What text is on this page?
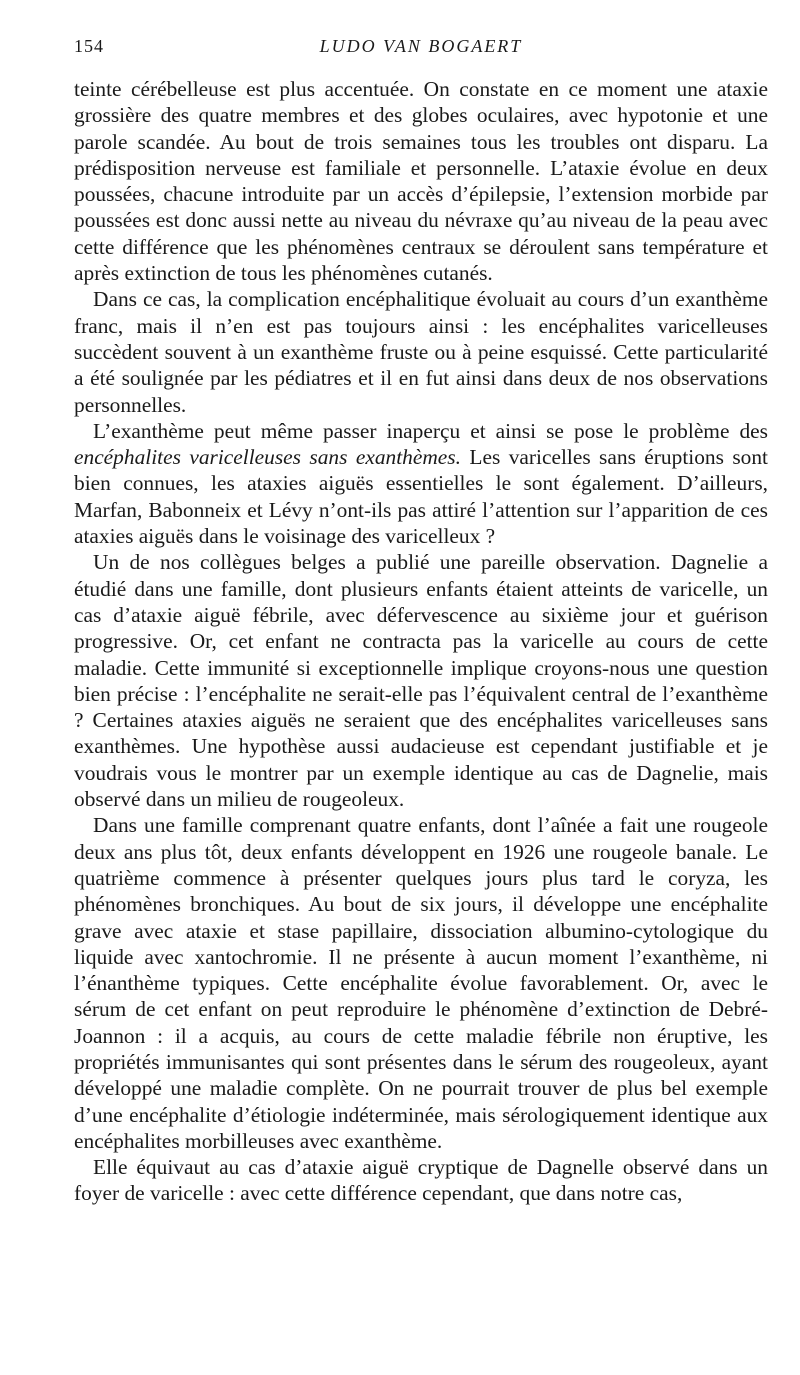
154	LUDO VAN BOGAERT

teinte cérébelleuse est plus accentuée. On constate en ce moment une ataxie grossière des quatre membres et des globes oculaires, avec hypotonie et une parole scandée. Au bout de trois semaines tous les troubles ont disparu. La prédisposition nerveuse est familiale et personnelle. L’ataxie évolue en deux poussées, chacune introduite par un accès d’épilepsie, l’extension morbide par poussées est donc aussi nette au niveau du névraxe qu’au niveau de la peau avec cette différence que les phénomènes centraux se déroulent sans température et après extinction de tous les phénomènes cutanés.

Dans ce cas, la complication encéphalitique évoluait au cours d’un exanthème franc, mais il n’en est pas toujours ainsi : les encéphalites varicelleuses succèdent souvent à un exanthème fruste ou à peine esquissé. Cette particularité a été soulignée par les pédiatres et il en fut ainsi dans deux de nos observations personnelles.

L’exanthème peut même passer inaperçu et ainsi se pose le problème des encéphalites varicelleuses sans exanthèmes. Les varicelles sans éruptions sont bien connues, les ataxies aiguës essentielles le sont également. D’ailleurs, Marfan, Babonneix et Lévy n’ont-ils pas attiré l’attention sur l’apparition de ces ataxies aiguës dans le voisinage des varicelleux ?

Un de nos collègues belges a publié une pareille observation. Dagnelie a étudié dans une famille, dont plusieurs enfants étaient atteints de varicelle, un cas d’ataxie aiguë fébrile, avec défervescence au sixième jour et guérison progressive. Or, cet enfant ne contracta pas la varicelle au cours de cette maladie. Cette immunité si exceptionnelle implique croyons-nous une question bien précise : l’encéphalite ne serait-elle pas l’équivalent central de l’exanthème ? Certaines ataxies aiguës ne seraient que des encéphalites varicelleuses sans exanthèmes. Une hypothèse aussi audacieuse est cependant justifiable et je voudrais vous le montrer par un exemple identique au cas de Dagnelie, mais observé dans un milieu de rougeoleux.

Dans une famille comprenant quatre enfants, dont l’aînée a fait une rougeole deux ans plus tôt, deux enfants développent en 1926 une rougeole banale. Le quatrième commence à présenter quelques jours plus tard le coryza, les phénomènes bronchiques. Au bout de six jours, il développe une encéphalite grave avec ataxie et stase papillaire, dissociation albumino-cytologique du liquide avec xantochromie. Il ne présente à aucun moment l’exanthème, ni l’énanthème typiques. Cette encéphalite évolue favorablement. Or, avec le sérum de cet enfant on peut reproduire le phénomène d’extinction de Debré-Joannon : il a acquis, au cours de cette maladie fébrile non éruptive, les propriétés immunisantes qui sont présentes dans le sérum des rougeoleux, ayant développé une maladie complète. On ne pourrait trouver de plus bel exemple d’une encéphalite d’étiologie indéterminée, mais sérologiquement identique aux encéphalites morbilleuses avec exanthème.

Elle équivaut au cas d’ataxie aiguë cryptique de Dagnelle observé dans un foyer de varicelle : avec cette différence cependant, que dans notre cas,
